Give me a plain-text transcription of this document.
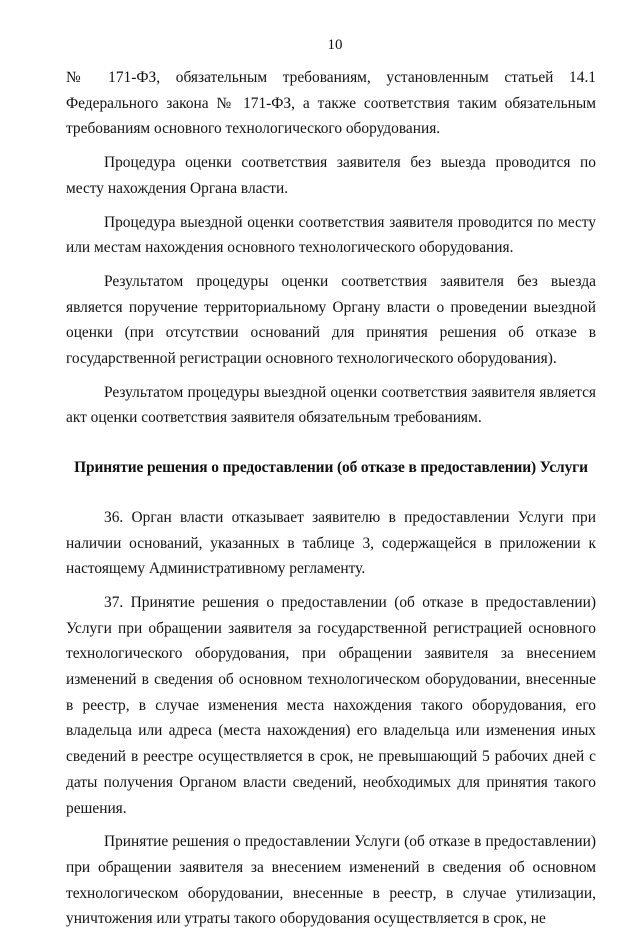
10

№ 171-ФЗ, обязательным требованиям, установленным статьей 14.1 Федерального закона № 171-ФЗ, а также соответствия таким обязательным требованиям основного технологического оборудования.

Процедура оценки соответствия заявителя без выезда проводится по месту нахождения Органа власти.

Процедура выездной оценки соответствия заявителя проводится по месту или местам нахождения основного технологического оборудования.

Результатом процедуры оценки соответствия заявителя без выезда является поручение территориальному Органу власти о проведении выездной оценки (при отсутствии оснований для принятия решения об отказе в государственной регистрации основного технологического оборудования).

Результатом процедуры выездной оценки соответствия заявителя является акт оценки соответствия заявителя обязательным требованиям.

Принятие решения о предоставлении (об отказе в предоставлении) Услуги

36. Орган власти отказывает заявителю в предоставлении Услуги при наличии оснований, указанных в таблице 3, содержащейся в приложении к настоящему Административному регламенту.

37. Принятие решения о предоставлении (об отказе в предоставлении) Услуги при обращении заявителя за государственной регистрацией основного технологического оборудования, при обращении заявителя за внесением изменений в сведения об основном технологическом оборудовании, внесенные в реестр, в случае изменения места нахождения такого оборудования, его владельца или адреса (места нахождения) его владельца или изменения иных сведений в реестре осуществляется в срок, не превышающий 5 рабочих дней с даты получения Органом власти сведений, необходимых для принятия такого решения.

Принятие решения о предоставлении Услуги (об отказе в предоставлении) при обращении заявителя за внесением изменений в сведения об основном технологическом оборудовании, внесенные в реестр, в случае утилизации, уничтожения или утраты такого оборудования осуществляется в срок, не
